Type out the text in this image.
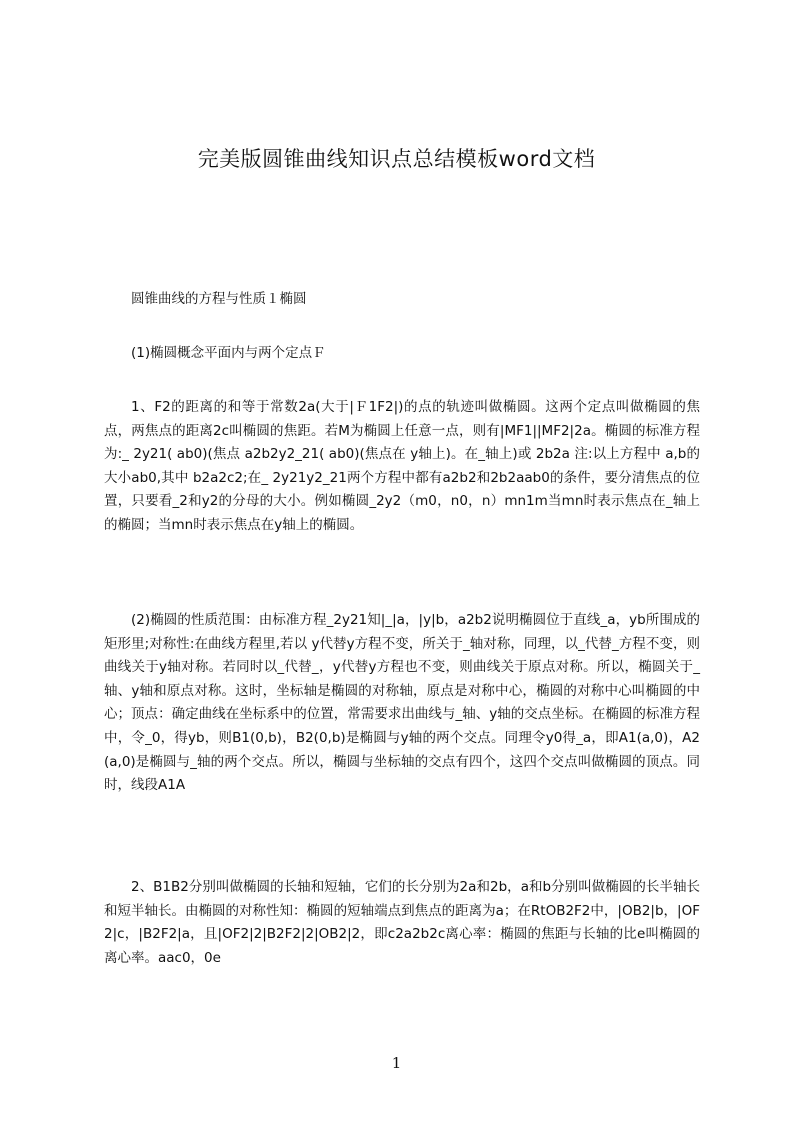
完美版圆锥曲线知识点总结模板word文档

圆锥曲线的方程与性质１椭圆

(1)椭圆概念平面内与两个定点Ｆ

1、F2的距离的和等于常数2a(大于|Ｆ1F2|)的点的轨迹叫做椭圆。这两个定点叫做椭圆的焦点，两焦点的距离2c叫椭圆的焦距。若M为椭圆上任意一点，则有|MF1||MF2|2a。椭圆的标准方程为:_ 2y21( ab0)(焦点 a2b2y2_21( ab0)(焦点在 y轴上)。在_轴上)或 2b2a 注:以上方程中 a,b的大小ab0,其中 b2a2c2;在_ 2y21y2_21两个方程中都有a2b2和2b2aab0的条件，要分清焦点的位置，只要看_2和y2的分母的大小。例如椭圆_2y2（m0，n0，n）mn1m当mn时表示焦点在_轴上的椭圆；当mn时表示焦点在y轴上的椭圆。

(2)椭圆的性质范围：由标准方程_2y21知|_|a，|y|b，a2b2说明椭圆位于直线_a，yb所围成的矩形里;对称性:在曲线方程里,若以 y代替y方程不变，所关于_轴对称，同理，以_代替_方程不变，则曲线关于y轴对称。若同时以_代替_，y代替y方程也不变，则曲线关于原点对称。所以，椭圆关于_轴、y轴和原点对称。这时，坐标轴是椭圆的对称轴，原点是对称中心，椭圆的对称中心叫椭圆的中心；顶点：确定曲线在坐标系中的位置，常需要求出曲线与_轴、y轴的交点坐标。在椭圆的标准方程中，令_0，得yb，则B1(0,b)，B2(0,b)是椭圆与y轴的两个交点。同理令y0得_a，即A1(a,0)，A2(a,0)是椭圆与_轴的两个交点。所以，椭圆与坐标轴的交点有四个，这四个交点叫做椭圆的顶点。同时，线段A1A

2、B1B2分别叫做椭圆的长轴和短轴，它们的长分别为2a和2b，a和b分别叫做椭圆的长半轴长和短半轴长。由椭圆的对称性知：椭圆的短轴端点到焦点的距离为a；在RtOB2F2中，|OB2|b，|OF2|c，|B2F2|a，且|OF2|2|B2F2|2|OB2|2，即c2a2b2c离心率：椭圆的焦距与长轴的比e叫椭圆的离心率。aac0，0e

1
